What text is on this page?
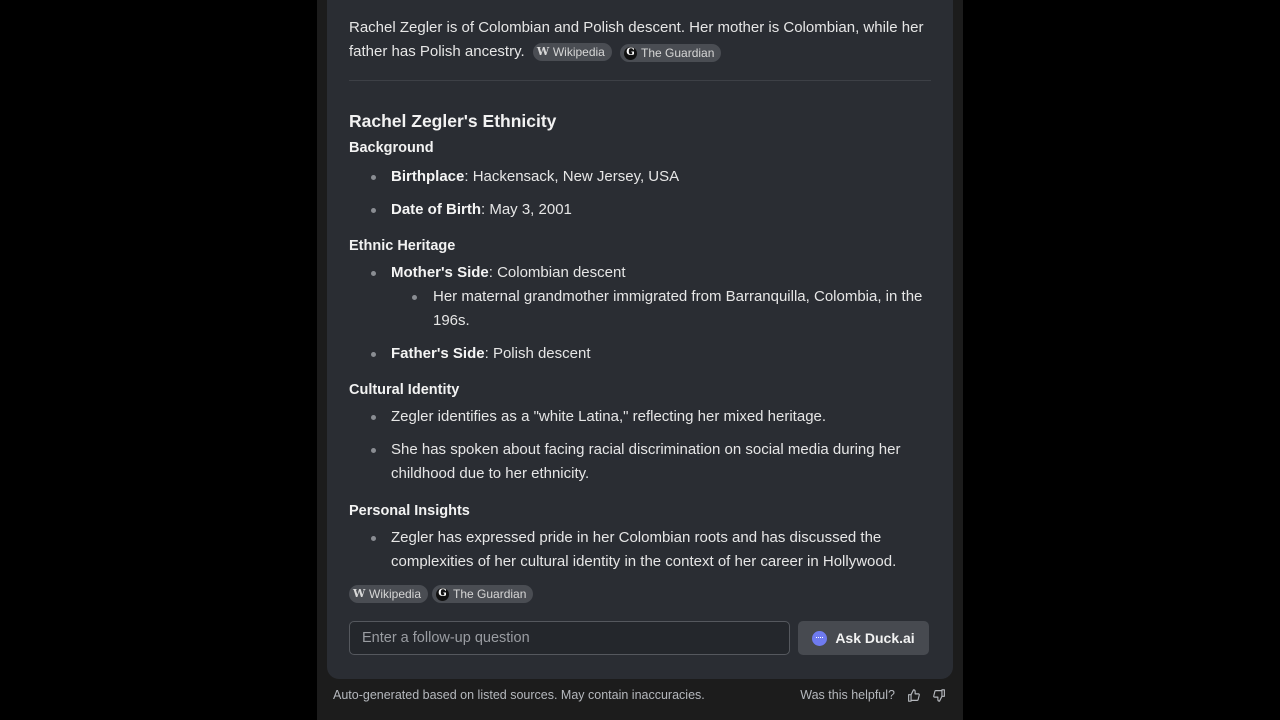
Rachel Zegler is of Colombian and Polish descent. Her mother is Colombian, while her father has Polish ancestry. W Wikipedia
G The Guardian
Rachel Zegler's Ethnicity
Background
Birthplace: Hackensack, New Jersey, USA
Date of Birth: May 3, 2001
Ethnic Heritage
Mother's Side: Colombian descent
Her maternal grandmother immigrated from Barranquilla, Colombia, in the 196s.
Father's Side: Polish descent
Cultural Identity
Zegler identifies as a "white Latina," reflecting her mixed heritage.
She has spoken about facing racial discrimination on social media during her childhood due to her ethnicity.
Personal Insights
Zegler has expressed pride in her Colombian roots and has discussed the complexities of her cultural identity in the context of her career in Hollywood.
W Wikipedia G The Guardian
Enter a follow-up question
Ask Duck.ai
Auto-generated based on listed sources. May contain inaccuracies.	Was this helpful?
